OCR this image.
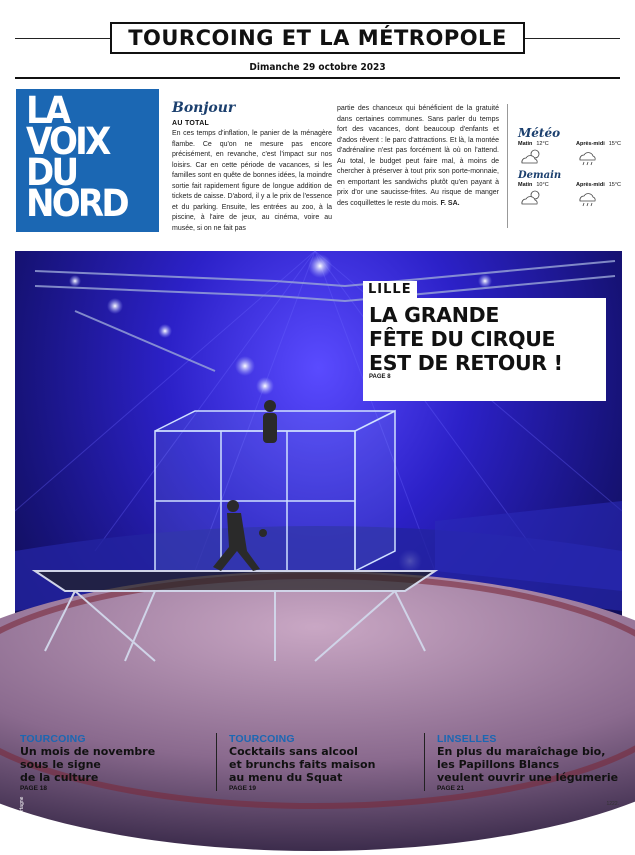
TOURCOING ET LA MÉTROPOLE
Dimanche 29 octobre 2023
LA
VOIX
DU
NORD
Bonjour
AU TOTAL
En ces temps d'inflation, le panier de la ménagère flambe. Ce qu'on ne mesure pas encore précisément, en revanche, c'est l'impact sur nos loisirs. Car en cette période de vacances, si les familles sont en quête de bonnes idées, la moindre sortie fait rapidement figure de longue addition de tickets de caisse. D'abord, il y a le prix de l'essence et du parking. Ensuite, les entrées au zoo, à la piscine, à l'aire de jeux, au cinéma, voire au musée, si on ne fait pas
partie des chanceux qui bénéficient de la gratuité dans certaines communes. Sans parler du temps fort des vacances, dont beaucoup d'enfants et d'ados rêvent : le parc d'attractions. Et là, la montée d'adrénaline n'est pas forcément là où on l'attend. Au total, le budget peut faire mal, à moins de chercher à préserver à tout prix son porte-monnaie, en emportant les sandwichs plutôt qu'en payant à prix d'or une saucisse-frites. Au risque de manger des coquillettes le reste du mois. F. SA.
Météo
Matin 12°C	Après-midi 15°C
Demain
Matin 10°C	Après-midi 15°C
Photo Stéphane Mortagne
LILLE
LA GRANDE
FÊTE DU CIRQUE
EST DE RETOUR !
PAGE 8
TOURCOING
Un mois de novembre
sous le signe
de la culture
PAGE 18
TOURCOING
Cocktails sans alcool
et brunchs faits maison
au menu du Squat
PAGE 19
LINSELLES
En plus du maraîchage bio,
les Papillons Blancs
veulent ouvrir une légumerie
PAGE 21
1222.
